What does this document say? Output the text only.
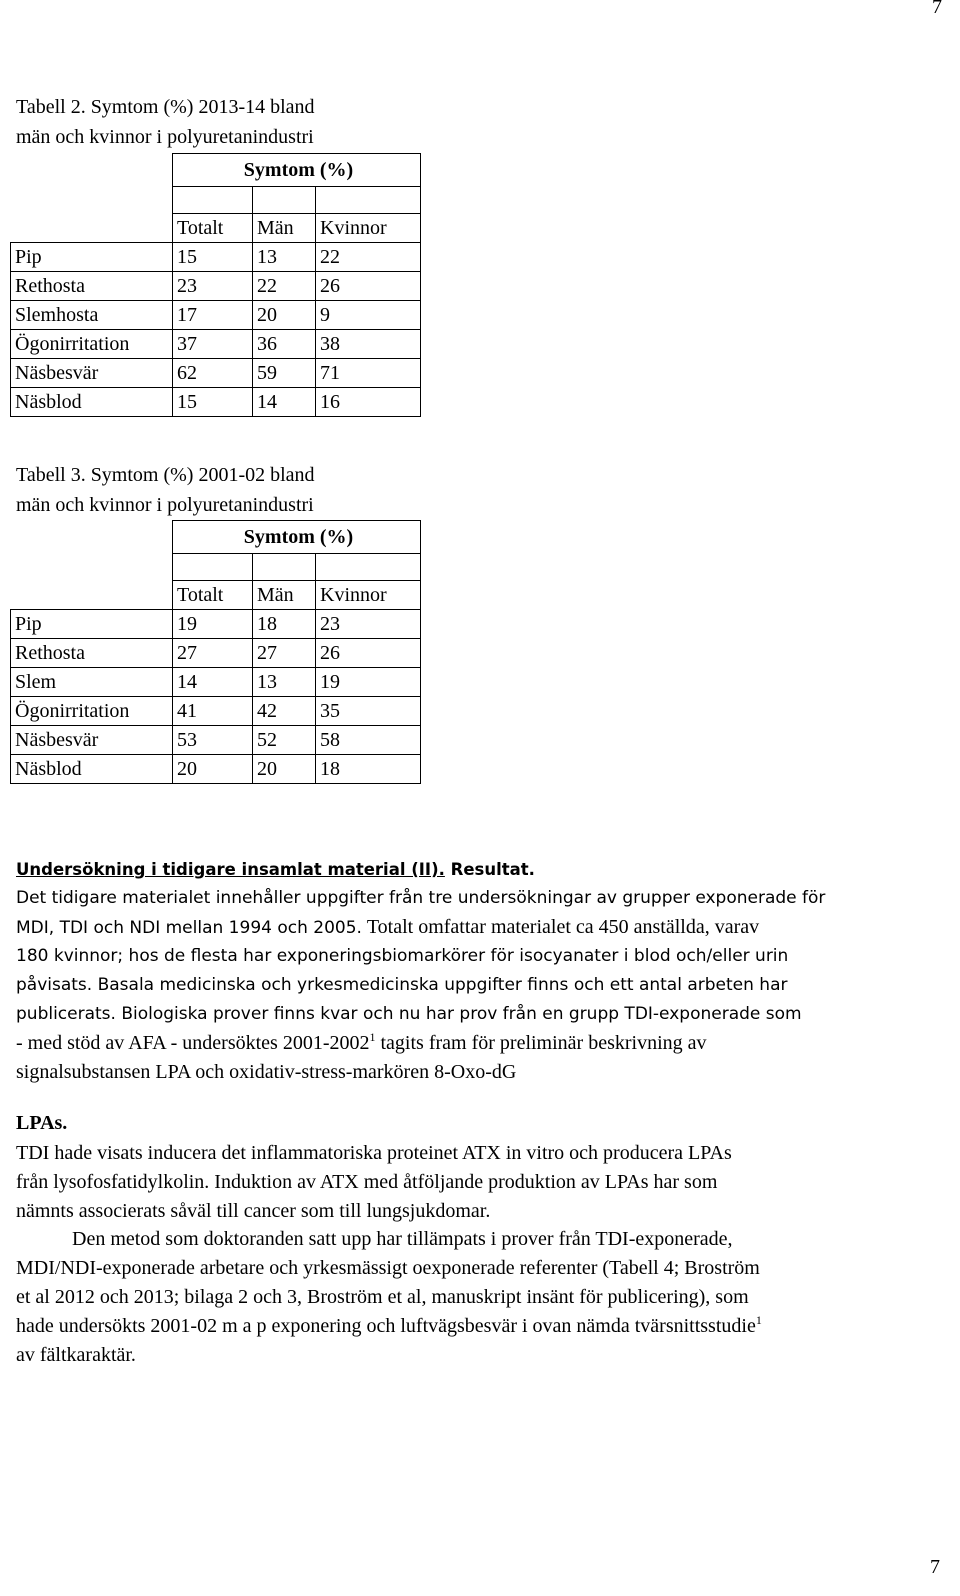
7
7
Tabell 2. Symtom (%) 2013-14 bland
män och kvinnor i polyuretanindustri
	Symtom (%)		

	Totalt	Män	Kvinnor
Pip	15	13	22
Rethosta	23	22	26
Slemhosta	17	20	9
Ögonirritation	37	36	38
Näsbesvär	62	59	71
Näsblod	15	14	16
Tabell 3. Symtom (%) 2001-02 bland
män och kvinnor i polyuretanindustri
	Symtom (%)		

	Totalt	Män	Kvinnor
Pip	19	18	23
Rethosta	27	27	26
Slem	14	13	19
Ögonirritation	41	42	35
Näsbesvär	53	52	58
Näsblod	20	20	18
Undersökning i tidigare insamlat material (II). Resultat.
Det tidigare materialet innehåller uppgifter från tre undersökningar av grupper exponerade för
MDI, TDI och NDI mellan 1994 och 2005. Totalt omfattar materialet ca 450 anställda, varav
180 kvinnor; hos de flesta har exponeringsbiomarkörer för isocyanater i blod och/eller urin
påvisats. Basala medicinska och yrkesmedicinska uppgifter finns och ett antal arbeten har
publicerats. Biologiska prover finns kvar och nu har prov från en grupp TDI-exponerade som
- med stöd av AFA - undersöktes 2001-2002$^1$ tagits fram för preliminär beskrivning av
signalsubstansen LPA och oxidativ-stress-markören 8-Oxo-dG
LPAs.
TDI hade visats inducera det inflammatoriska proteinet ATX in vitro och producera LPAs
från lysofosfatidylkolin. Induktion av ATX med åtföljande produktion av LPAs har som
nämnts associerats såväl till cancer som till lungsjukdomar.
Den metod som doktoranden satt upp har tillämpats i prover från TDI-exponerade,
MDI/NDI-exponerade arbetare och yrkesmässigt oexponerade referenter (Tabell 4; Broström
et al 2012 och 2013; bilaga 2 och 3, Broström et al, manuskript insänt för publicering), som
hade undersökts 2001-02 m a p exponering och luftvägsbesvär i ovan nämda tvärsnittsstudie$^1$
av fältkaraktär.
